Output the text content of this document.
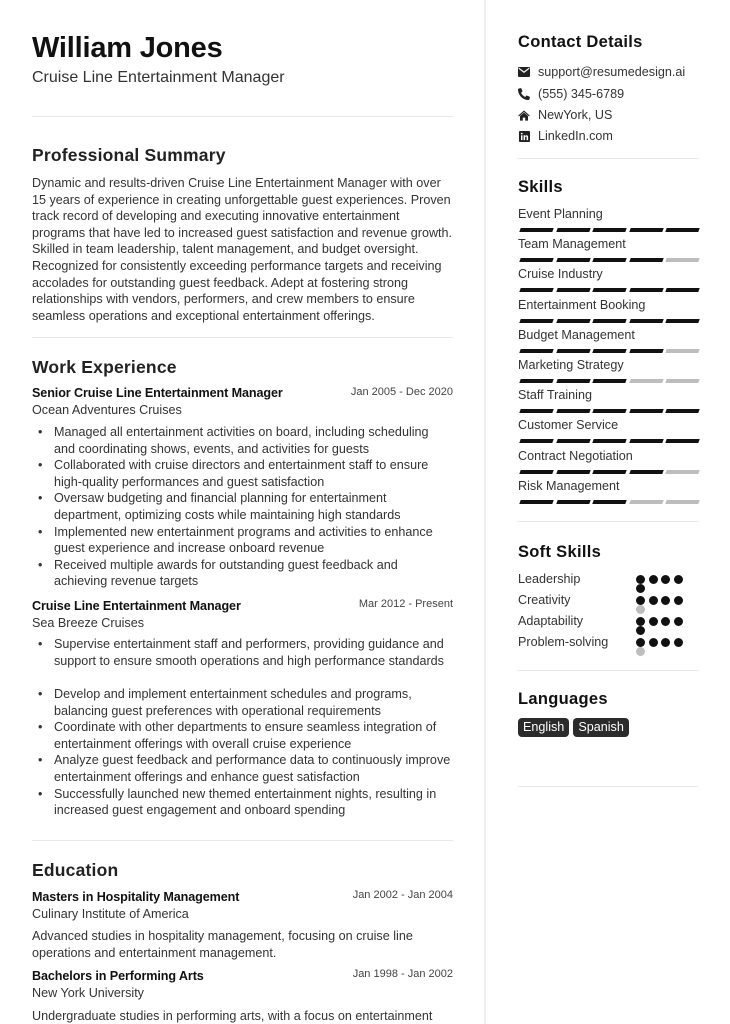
William Jones
Cruise Line Entertainment Manager
Professional Summary
Dynamic and results-driven Cruise Line Entertainment Manager with over 15 years of experience in creating unforgettable guest experiences. Proven track record of developing and executing innovative entertainment programs that have led to increased guest satisfaction and revenue growth. Skilled in team leadership, talent management, and budget oversight. Recognized for consistently exceeding performance targets and receiving accolades for outstanding guest feedback. Adept at fostering strong relationships with vendors, performers, and crew members to ensure seamless operations and exceptional entertainment offerings.
Work Experience
Senior Cruise Line Entertainment Manager	Jan 2005 - Dec 2020
Ocean Adventures Cruises
• Managed all entertainment activities on board, including scheduling and coordinating shows, events, and activities for guests
• Collaborated with cruise directors and entertainment staff to ensure high-quality performances and guest satisfaction
• Oversaw budgeting and financial planning for entertainment department, optimizing costs while maintaining high standards
• Implemented new entertainment programs and activities to enhance guest experience and increase onboard revenue
• Received multiple awards for outstanding guest feedback and achieving revenue targets
Cruise Line Entertainment Manager	Mar 2012 - Present
Sea Breeze Cruises
• Supervise entertainment staff and performers, providing guidance and support to ensure smooth operations and high performance standards
• Develop and implement entertainment schedules and programs, balancing guest preferences with operational requirements
• Coordinate with other departments to ensure seamless integration of entertainment offerings with overall cruise experience
• Analyze guest feedback and performance data to continuously improve entertainment offerings and enhance guest satisfaction
• Successfully launched new themed entertainment nights, resulting in increased guest engagement and onboard spending
Education
Masters in Hospitality Management	Jan 2002 - Jan 2004
Culinary Institute of America
Advanced studies in hospitality management, focusing on cruise line operations and entertainment management.
Bachelors in Performing Arts	Jan 1998 - Jan 2002
New York University
Undergraduate studies in performing arts, with a focus on entertainment
Contact Details
support@resumedesign.ai
(555) 345-6789
NewYork, US
LinkedIn.com
Skills
Event Planning
Team Management
Cruise Industry
Entertainment Booking
Budget Management
Marketing Strategy
Staff Training
Customer Service
Contract Negotiation
Risk Management
Soft Skills
Leadership
Creativity
Adaptability
Problem-solving
Languages
English	Spanish
